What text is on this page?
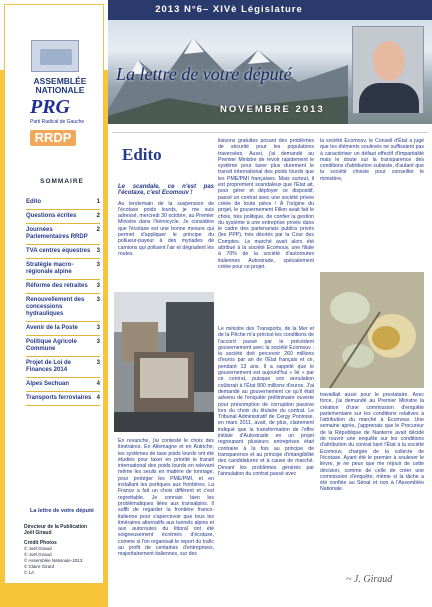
ASSEMBLÉE NATIONALE
PRG
Parti Radical de Gauche
RRDP
SOMMAIRE
Edito	1
Questions écrites	2
Journées Parlementaires RRDP
2
TVA centres équestres	3
Stratégie macro-régionale alpine
3
Réforme des retraites	3
Renouvellement des concessions hydrauliques
3
Avenir de la Poste	3
Politique Agricole Commune
3
Projet de Loi de Finances 2014
3
Alpes Sechuan	4
Transports ferroviaires 4
La lettre de votre député
Directeur de la Publication
Joël Giraud
Crédit Photos
© Joël Giraud
© Joël Giraud
© Assemblée Nationale-2013
© Claire Girard
© LA
2013 N°6– XIVè Législature
La lettre de votre député
NOVEMBRE 2013
Edito

Le scandale, ce n'est pas l'écotaxe, c'est Ecomouv !

Au lendemain de la suspension de l'écotaxe poids lourds, je me suis adressé, mercredi 30 octobre, au Premier Ministre dans l'hémicycle. Je considère que l'écotaxe est une bonne mesure qui permet d'appliquer le principe du pollueur-payeur à des myriades de camions qui polluent l'air et dégradent les routes.

En revanche, j'ai contesté le choix des itinéraires. En Allemagne et en Autriche, les systèmes de taxe poids lourds ont été étudiés pour taxer en priorité le transit international des poids lourds en relevant même les seuils en matière de tonnage, pour protéger les PME/PMI, et en installant les portiques aux frontières. La France a fait un choix différent et c'est regrettable. Je connais bien les problématiques liées aux transalpins. Il suffit de regarder la frontière franco-italienne pour s'apercevoir que tous les itinéraires alternatifs aux tunnels alpins et aux autoroutes du littoral ont été soigneusement écrémés d'écotaxe, comme si l'on organisait le report du trafic au profit de centaines d'entreprises, majoritairement italiennes, sur des
liaisons gratuites posant des problèmes de sécurité pour les populations traversées. Aussi, j'ai demandé au Premier Ministre de revoir rapidement le système pour taxer plus durement le transit international des poids lourds que les PME/PMI françaises. Mais surtout, il est proprement scandaleux que l'État ait, pour gérer et déployer ce dispositif, passé un contrat avec une société privée créée de toute pièce ! À l'origine du projet, le gouvernement Fillon avait fait le choix, très politique, de confier la gestion du système à une entreprise privée dans le cadre des partenariats publics privés (les PPP), très décriés par la Cour des Comptes. Le marché avait alors été attribué à la société Ecomouv, une filiale à 70% de la société d'autoroutes italiennes Autostrade, spécialement créée pour ce projet.
Le ministre des Transports, de la Mer et de la Pêche m'a précisé les conditions de l'accord passé par le précédent gouvernement avec la société Ecomouv : la société doit percevoir 260 millions d'euros par an de l'État français et ce, pendant 13 ans. Il a rappelé que le gouvernement est aujourd'hui « lié » par ce contrat, puisque son annulation coûterait à l'État 800 millions d'euros. J'ai demandé au gouvernement ce qu'il était advenu de l'enquête préliminaire ouverte pour présomption de corruption passive lors du choix du titulaire du contrat. Le Tribunal Administratif de Cergy Pontoise, en mars 2011, avait, de plus, clairement indiqué que la transformation de l'offre initiale d'Autostrade en un projet regroupant plusieurs entreprises était contraire à la fois au principe de transparence et au principe d'intangibilité des candidatures et à cause de marché. Devant les problèmes générés par l'annulation du contrat passé avec
la société Ecomouv, le Conseil d'État a jugé que les éléments soulevés ne suffisaient pas à caractériser un défaut effectif d'impartialité mais le doute sur la transparence des conditions d'attribution subsiste, d'autant que la société choisie pour conseiller le ministère,
travaillait aussi pour le prestataire. Avec force, j'ai demandé au Premier Ministre la création d'une commission d'enquête parlementaire sur les conditions relatives à l'attribution du marché à Ecomouv. Une semaine après, j'apprenais que le Procureur de la République de Nanterre avait décidé de rouvrir une enquête sur les conditions d'attribution du contrat liant l'État à la société Ecomouv, chargée de la collecte de l'écotaxe. Ayant été le premier à soulever le lièvre, je ne peux que me réjouir de cette décision, comme de celle de créer une commission d'enquête, même si la tâche a été confiée au Sénat et non à l'Assemblée Nationale.
~ J. Giraud
